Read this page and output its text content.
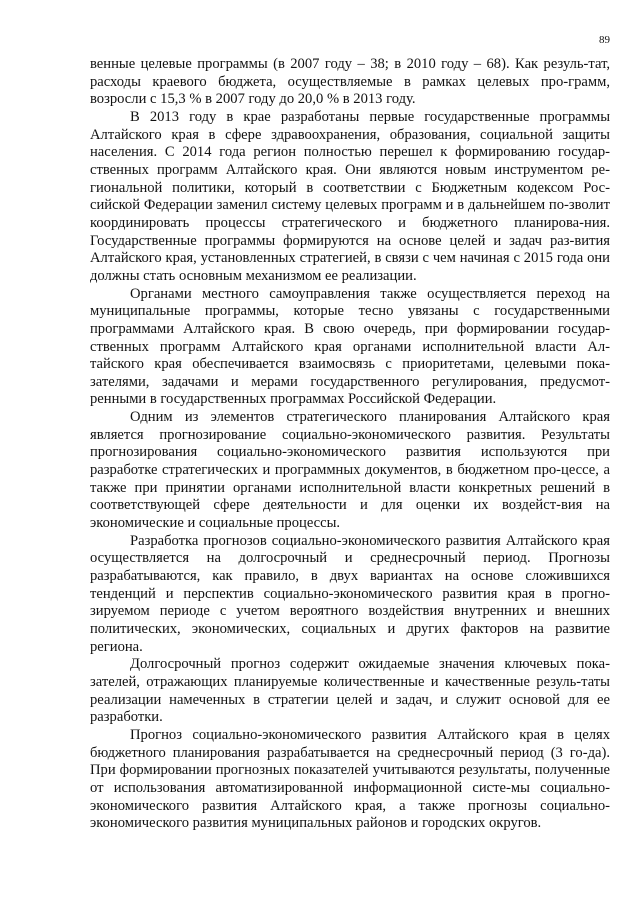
89

венные целевые программы (в 2007 году – 38; в 2010 году – 68). Как резуль-тат, расходы краевого бюджета, осуществляемые в рамках целевых про-грамм, возросли с 15,3 % в 2007 году до 20,0 % в 2013 году.

В 2013 году в крае разработаны первые государственные программы Алтайского края в сфере здравоохранения, образования, социальной защиты населения. С 2014 года регион полностью перешел к формированию государ-ственных программ Алтайского края. Они являются новым инструментом ре-гиональной политики, который в соответствии с Бюджетным кодексом Рос-сийской Федерации заменил систему целевых программ и в дальнейшем по-зволит координировать процессы стратегического и бюджетного планирова-ния. Государственные программы формируются на основе целей и задач раз-вития Алтайского края, установленных стратегией, в связи с чем начиная с 2015 года они должны стать основным механизмом ее реализации.

Органами местного самоуправления также осуществляется переход на муниципальные программы, которые тесно увязаны с государственными программами Алтайского края. В свою очередь, при формировании государ-ственных программ Алтайского края органами исполнительной власти Ал-тайского края обеспечивается взаимосвязь с приоритетами, целевыми пока-зателями, задачами и мерами государственного регулирования, предусмот-ренными в государственных программах Российской Федерации.

Одним из элементов стратегического планирования Алтайского края является прогнозирование социально-экономического развития. Результаты прогнозирования социально-экономического развития используются при разработке стратегических и программных документов, в бюджетном про-цессе, а также при принятии органами исполнительной власти конкретных решений в соответствующей сфере деятельности и для оценки их воздейст-вия на экономические и социальные процессы.

Разработка прогнозов социально-экономического развития Алтайского края осуществляется на долгосрочный и среднесрочный период. Прогнозы разрабатываются, как правило, в двух вариантах на основе сложившихся тенденций и перспектив социально-экономического развития края в прогно-зируемом периоде с учетом вероятного воздействия внутренних и внешних политических, экономических, социальных и других факторов на развитие региона.

Долгосрочный прогноз содержит ожидаемые значения ключевых пока-зателей, отражающих планируемые количественные и качественные резуль-таты реализации намеченных в стратегии целей и задач, и служит основой для ее разработки.

Прогноз социально-экономического развития Алтайского края в целях бюджетного планирования разрабатывается на среднесрочный период (3 го-да). При формировании прогнозных показателей учитываются результаты, полученные от использования автоматизированной информационной систе-мы социально-экономического развития Алтайского края, а также прогнозы социально-экономического развития муниципальных районов и городских округов.
